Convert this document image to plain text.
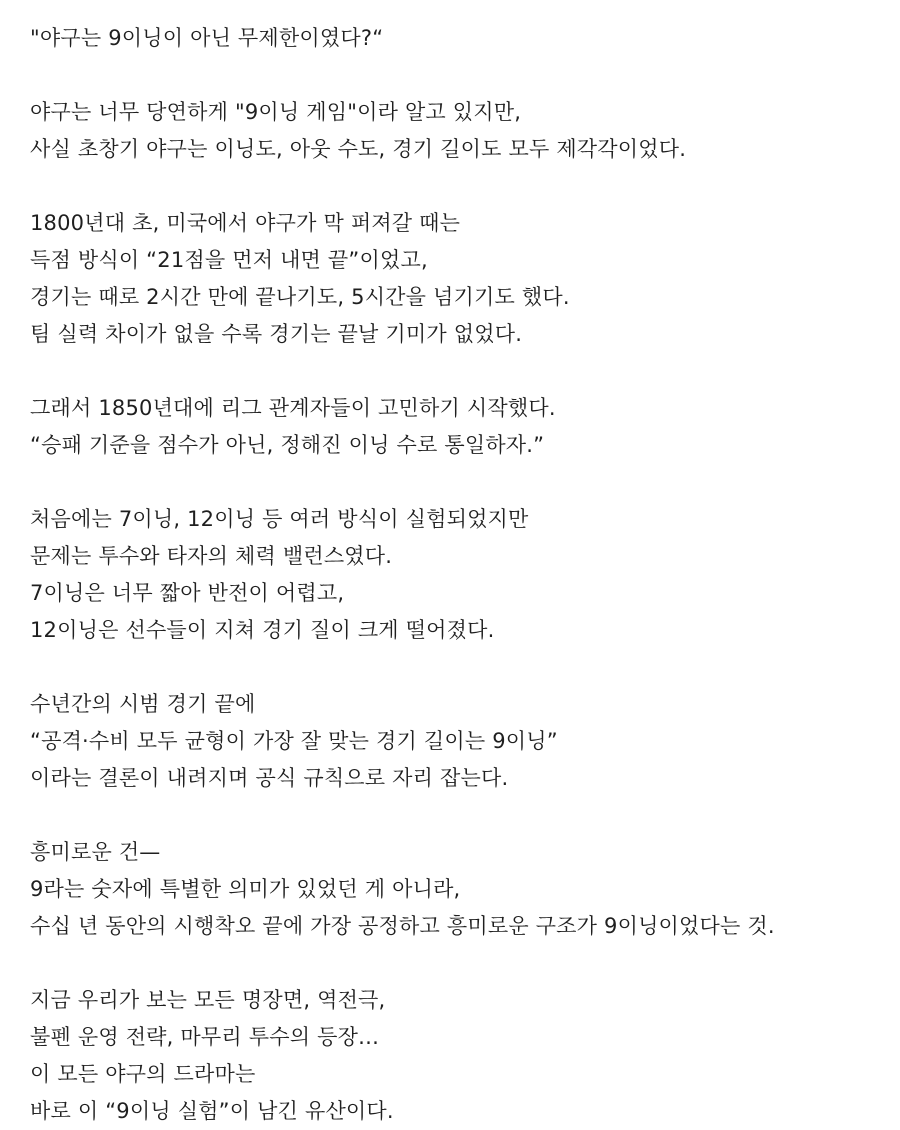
"야구는 9이닝이 아닌 무제한이였다?“

야구는 너무 당연하게 "9이닝 게임"이라 알고 있지만,

사실 초창기 야구는 이닝도, 아웃 수도, 경기 길이도 모두 제각각이었다.

1800년대 초, 미국에서 야구가 막 퍼져갈 때는

득점 방식이 “21점을 먼저 내면 끝”이었고,

경기는 때로 2시간 만에 끝나기도, 5시간을 넘기기도 했다.

팀 실력 차이가 없을 수록 경기는 끝날 기미가 없었다.

그래서 1850년대에 리그 관계자들이 고민하기 시작했다.

“승패 기준을 점수가 아닌, 정해진 이닝 수로 통일하자.”

처음에는 7이닝, 12이닝 등 여러 방식이 실험되었지만

문제는 투수와 타자의 체력 밸런스였다.

7이닝은 너무 짧아 반전이 어렵고,

12이닝은 선수들이 지쳐 경기 질이 크게 떨어졌다.

수년간의 시범 경기 끝에

“공격·수비 모두 균형이 가장 잘 맞는 경기 길이는 9이닝”

이라는 결론이 내려지며 공식 규칙으로 자리 잡는다.

흥미로운 건—

9라는 숫자에 특별한 의미가 있었던 게 아니라,

수십 년 동안의 시행착오 끝에 가장 공정하고 흥미로운 구조가 9이닝이었다는 것.

지금 우리가 보는 모든 명장면, 역전극,

불펜 운영 전략, 마무리 투수의 등장…

이 모든 야구의 드라마는

바로 이 “9이닝 실험”이 남긴 유산이다.
